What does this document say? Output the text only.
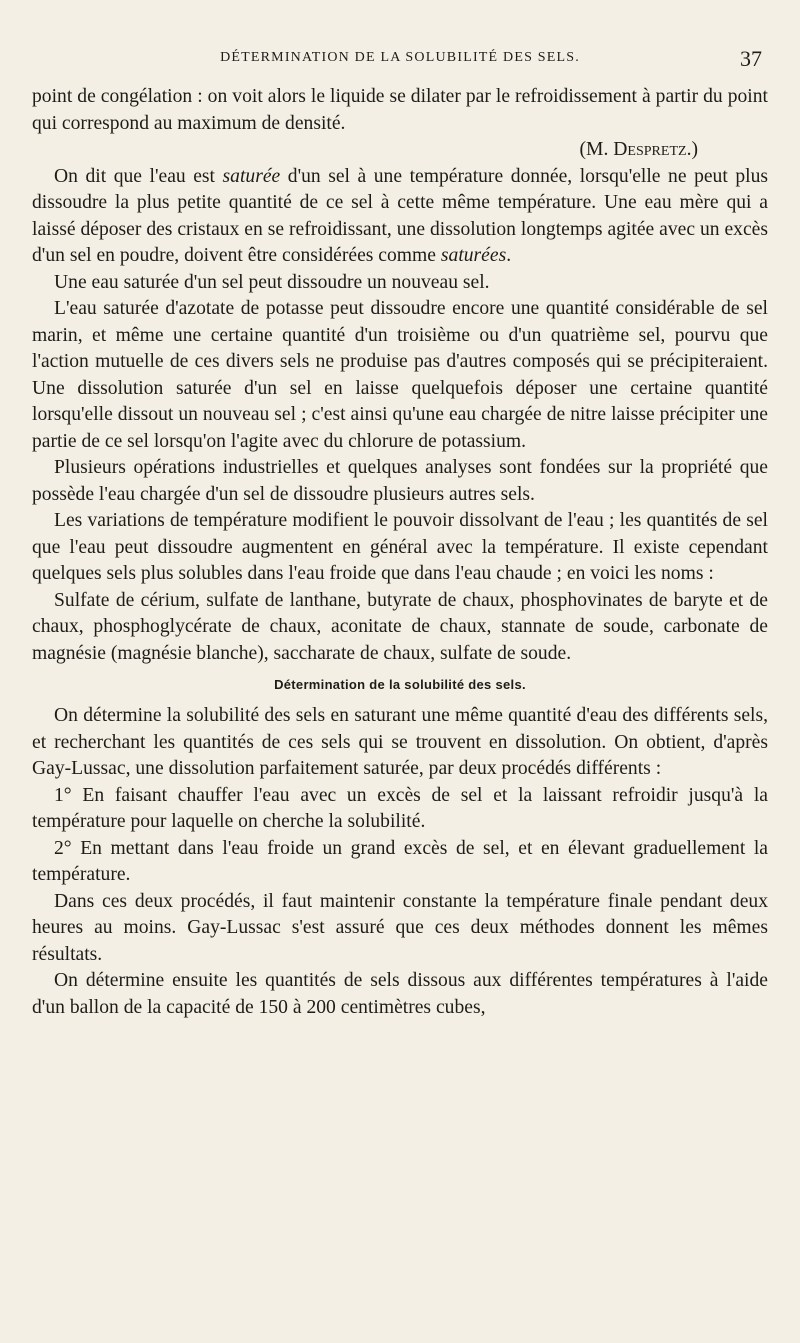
DÉTERMINATION DE LA SOLUBILITÉ DES SELS.	37

point de congélation : on voit alors le liquide se dilater par le refroidissement à partir du point qui correspond au maximum de densité.

(M. Despretz.)

On dit que l'eau est saturée d'un sel à une température donnée, lorsqu'elle ne peut plus dissoudre la plus petite quantité de ce sel à cette même température. Une eau mère qui a laissé déposer des cristaux en se refroidissant, une dissolution longtemps agitée avec un excès d'un sel en poudre, doivent être considérées comme saturées.

Une eau saturée d'un sel peut dissoudre un nouveau sel.

L'eau saturée d'azotate de potasse peut dissoudre encore une quantité considérable de sel marin, et même une certaine quantité d'un troisième ou d'un quatrième sel, pourvu que l'action mutuelle de ces divers sels ne produise pas d'autres composés qui se précipiteraient. Une dissolution saturée d'un sel en laisse quelquefois déposer une certaine quantité lorsqu'elle dissout un nouveau sel ; c'est ainsi qu'une eau chargée de nitre laisse précipiter une partie de ce sel lorsqu'on l'agite avec du chlorure de potassium.

Plusieurs opérations industrielles et quelques analyses sont fondées sur la propriété que possède l'eau chargée d'un sel de dissoudre plusieurs autres sels.

Les variations de température modifient le pouvoir dissolvant de l'eau ; les quantités de sel que l'eau peut dissoudre augmentent en général avec la température. Il existe cependant quelques sels plus solubles dans l'eau froide que dans l'eau chaude ; en voici les noms :

Sulfate de cérium, sulfate de lanthane, butyrate de chaux, phosphovinates de baryte et de chaux, phosphoglycérate de chaux, aconitate de chaux, stannate de soude, carbonate de magnésie (magnésie blanche), saccharate de chaux, sulfate de soude.

Détermination de la solubilité des sels.

On détermine la solubilité des sels en saturant une même quantité d'eau des différents sels, et recherchant les quantités de ces sels qui se trouvent en dissolution. On obtient, d'après Gay-Lussac, une dissolution parfaitement saturée, par deux procédés différents :

1° En faisant chauffer l'eau avec un excès de sel et la laissant refroidir jusqu'à la température pour laquelle on cherche la solubilité.

2° En mettant dans l'eau froide un grand excès de sel, et en élevant graduellement la température.

Dans ces deux procédés, il faut maintenir constante la température finale pendant deux heures au moins. Gay-Lussac s'est assuré que ces deux méthodes donnent les mêmes résultats.

On détermine ensuite les quantités de sels dissous aux différentes températures à l'aide d'un ballon de la capacité de 150 à 200 centimètres cubes,
